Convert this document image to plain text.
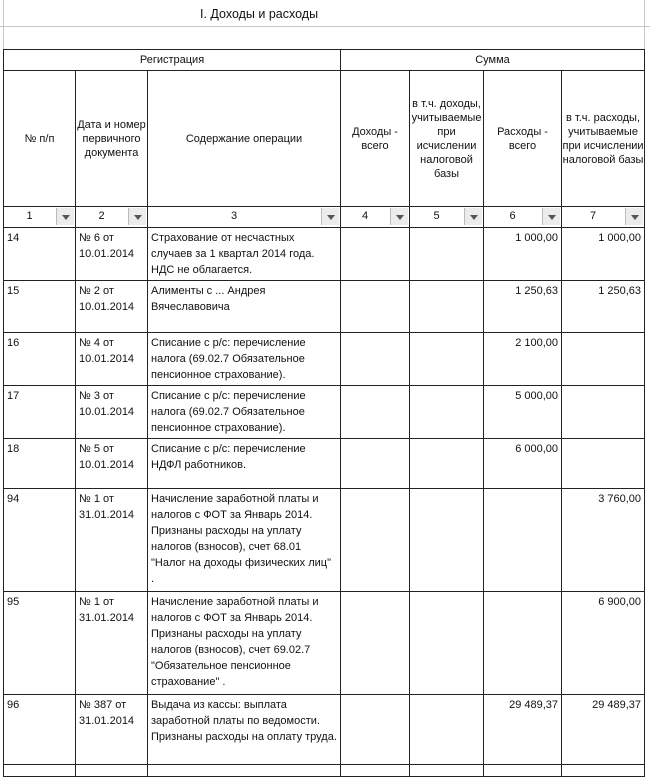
I. Доходы и расходы
Регистрация			Сумма			
№ п/п	Дата и номер первичного документа	Содержание операции	Доходы - всего	в т.ч. доходы, учитываемые при исчислении налоговой базы	Расходы - всего	в т.ч. расходы, учитываемые при исчислении налоговой базы

1	2	3	4	5	6	7

14	№ 6 от 10.01.2014	Страхование от несчастных случаев за 1 квартал 2014 года. НДС не облагается.			1 000,00	1 000,00
15	№ 2 от 10.01.2014	Алименты с ... Андрея Вячеславовича			1 250,63	1 250,63
16	№ 4 от 10.01.2014	Списание с р/с: перечисление налога (69.02.7 Обязательное пенсионное страхование).			2 100,00	
17	№ 3 от 10.01.2014	Списание с р/с: перечисление налога (69.02.7 Обязательное пенсионное страхование).			5 000,00	
18	№ 5 от 10.01.2014	Списание с р/с: перечисление НДФЛ работников.			6 000,00	
94	№ 1 от 31.01.2014	Начисление заработной платы и налогов с ФОТ за Январь 2014. Признаны расходы на уплату налогов (взносов), счет 68.01 "Налог на доходы физических лиц" .				3 760,00
95	№ 1 от 31.01.2014	Начисление заработной платы и налогов с ФОТ за Январь 2014. Признаны расходы на уплату налогов (взносов), счет 69.02.7 "Обязательное пенсионное страхование" .				6 900,00
96	№ 387 от 31.01.2014	Выдача из кассы: выплата заработной платы по ведомости. Признаны расходы на оплату труда.			29 489,37	29 489,37
